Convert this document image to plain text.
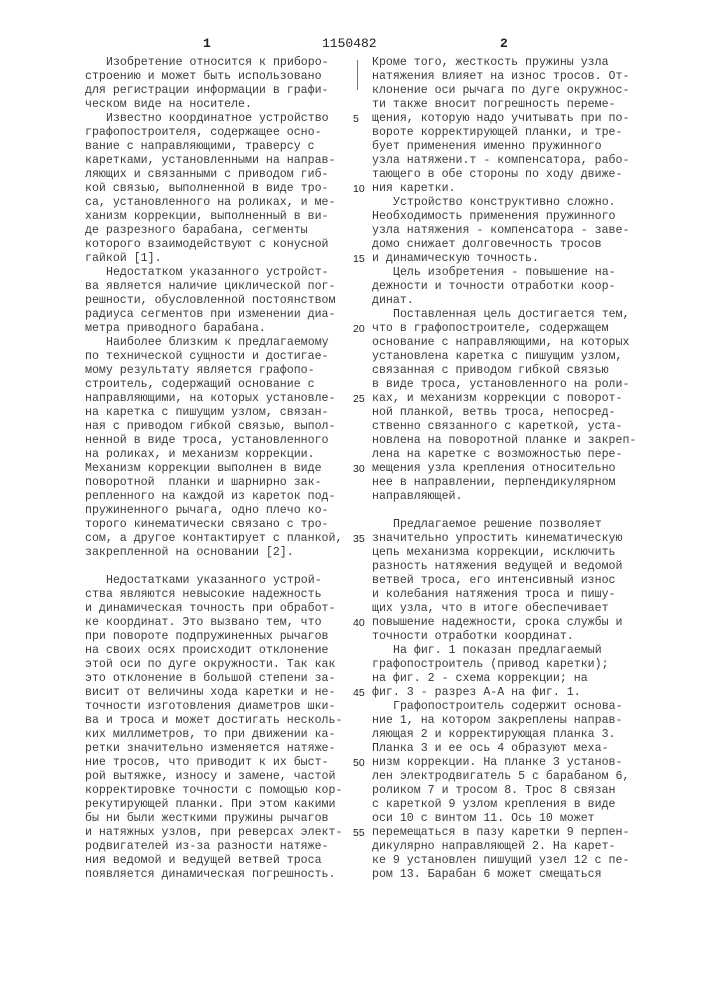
1	1150482	2
Изобретение относится к приборо-
строению и может быть использовано
для регистрации информации в графи-
ческом виде на носителе.
Известно координатное устройство 5
графопостроителя, содержащее осно-
вание с направляющими, траверсу с
каретками, установленными на направ-
ляющих и связанными с приводом гиб-
кой связью, выполненной в виде тро- 10
са, установленного на роликах, и ме-
ханизм коррекции, выполненный в ви-
де разрезного барабана, сегменты
которого взаимодействуют с конусной
гайкой [1].	15
Недостатком указанного устройст-
ва является наличие циклической пог-
решности, обусловленной постоянством
радиуса сегментов при изменении диа-
метра приводного барабана.	20
Наиболее близким к предлагаемому
по технической сущности и достигае-
мому результату является графопо-
строитель, содержащий основание с
направляющими, на которых установле- 25
на каретка с пишущим узлом, связан-
ная с приводом гибкой связью, выпол-
ненной в виде троса, установленного
на роликах, и механизм коррекции.
Механизм коррекции выполнен в виде	30
поворотной  планки и шарнирно зак-
репленного на каждой из кареток под-
пружиненного рычага, одно плечо ко-
торого кинематически связано с тро-
сом, а другое контактирует с планкой, 35
закрепленной на основании [2].
Недостатками указанного устрой-
ства являются невысокие надежность
и динамическая точность при обработ-
ке координат. Это вызвано тем, что	40
при повороте подпружиненных рычагов
на своих осях происходит отклонение
этой оси по дуге окружности. Так как
это отклонение в большой степени за-
висит от величины хода каретки и не- 45
точности изготовления диаметров шки-
ва и троса и может достигать несколь-
ких миллиметров, то при движении ка-
ретки значительно изменяется натяже-
ние тросов, что приводит к их быст- 50
рой вытяжке, износу и замене, частой
корректировке точности с помощью кор-
рекутирующей планки. При этом какими
бы ни были жесткими пружины рычагов
и натяжных узлов, при реверсах элект- 55
родвигателей из-за разности натяже-
ния ведомой и ведущей ветвей троса
появляется динамическая погрешность.
Кроме того, жесткость пружины узла
натяжения влияет на износ тросов. От-
клонение оси рычага по дуге окружнос-
ти также вносит погрешность переме-
щения, которую надо учитывать при по-
вороте корректирующей планки, и тре-
бует применения именно пружинного
узла натяжени.т - компенсатора, рабо-
тающего в обе стороны по ходу движе-
ния каретки.
Устройство конструктивно сложно.
Необходимость применения пружинного
узла натяжения - компенсатора - заве-
домо снижает долговечность тросов
и динамическую точность.
Цель изобретения - повышение на-
дежности и точности отработки коор-
динат.
Поставленная цель достигается тем,
что в графопостроителе, содержащем
основание с направляющими, на которых
установлена каретка с пишущим узлом,
связанная с приводом гибкой связью
в виде троса, установленного на роли-
ках, и механизм коррекции с поворот-
ной планкой, ветвь троса, непосред-
ственно связанного с кареткой, уста-
новлена на поворотной планке и закреп-
лена на каретке с возможностью пере-
мещения узла крепления относительно
нее в направлении, перпендикулярном
направляющей.
Предлагаемое решение позволяет
значительно упростить кинематическую
цепь механизма коррекции, исключить
разность натяжения ведущей и ведомой
ветвей троса, его интенсивный износ
и колебания натяжения троса и пишу-
щих узла, что в итоге обеспечивает
повышение надежности, срока службы и
точности отработки координат.
На фиг. 1 показан предлагаемый
графопостроитель (привод каретки);
на фиг. 2 - схема коррекции; на
фиг. 3 - разрез А-А на фиг. 1.
Графопостроитель содержит основа-
ние 1, на котором закреплены направ-
ляющая 2 и корректирующая планка 3.
Планка 3 и ее ось 4 образуют меха-
низм коррекции. На планке 3 установ-
лен электродвигатель 5 с барабаном 6,
роликом 7 и тросом 8. Трос 8 связан
с кареткой 9 узлом крепления в виде
оси 10 с винтом 11. Ось 10 может
перемещаться в пазу каретки 9 перпен-
дикулярно направляющей 2. На карет-
ке 9 установлен пишущий узел 12 с пе-
ром 13. Барабан 6 может смещаться
